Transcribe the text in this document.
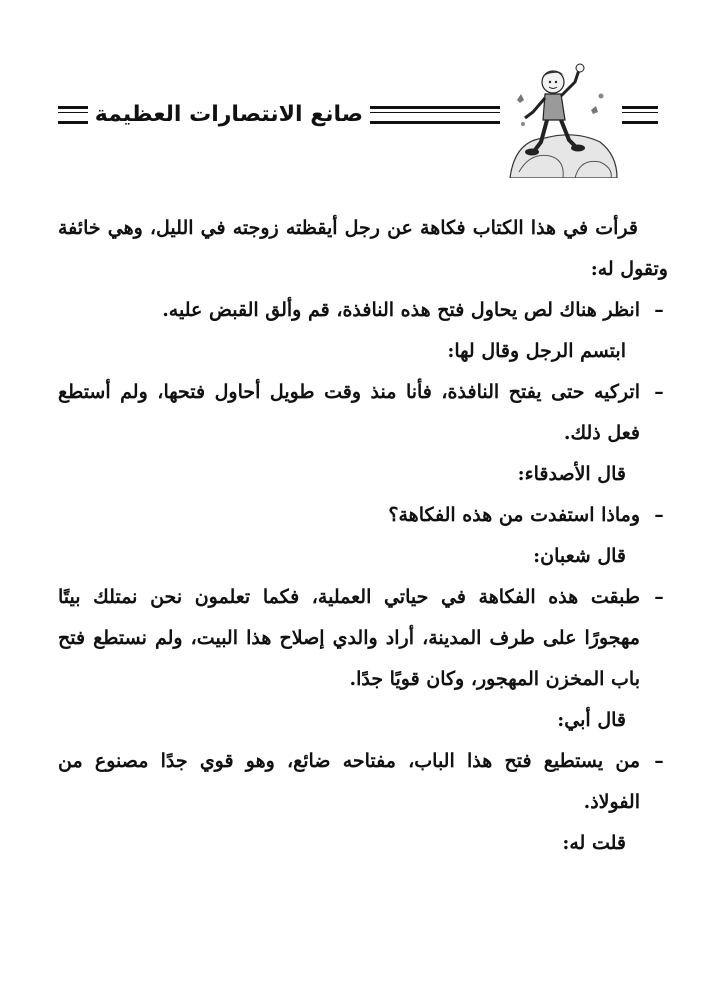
صانع الانتصارات العظيمة

قرأت في هذا الكتاب فكاهة عن رجل أيقظته زوجته في الليل، وهي خائفة وتقول له:

–
انظر هناك لص يحاول فتح هذه النافذة، قم وألق القبض عليه.

ابتسم الرجل وقال لها:

–
اتركيه حتى يفتح النافذة، فأنا منذ وقت طويل أحاول فتحها، ولم أستطع فعل ذلك.

قال الأصدقاء:

–
وماذا استفدت من هذه الفكاهة؟

قال شعبان:

–
طبقت هذه الفكاهة في حياتي العملية، فكما تعلمون نحن نمتلك بيتًا مهجورًا على طرف المدينة، أراد والدي إصلاح هذا البيت، ولم نستطع فتح باب المخزن المهجور، وكان قويًا جدًا.

قال أبي:

–
من يستطيع فتح هذا الباب، مفتاحه ضائع، وهو قوي جدًا مصنوع من الفولاذ.

قلت له:
